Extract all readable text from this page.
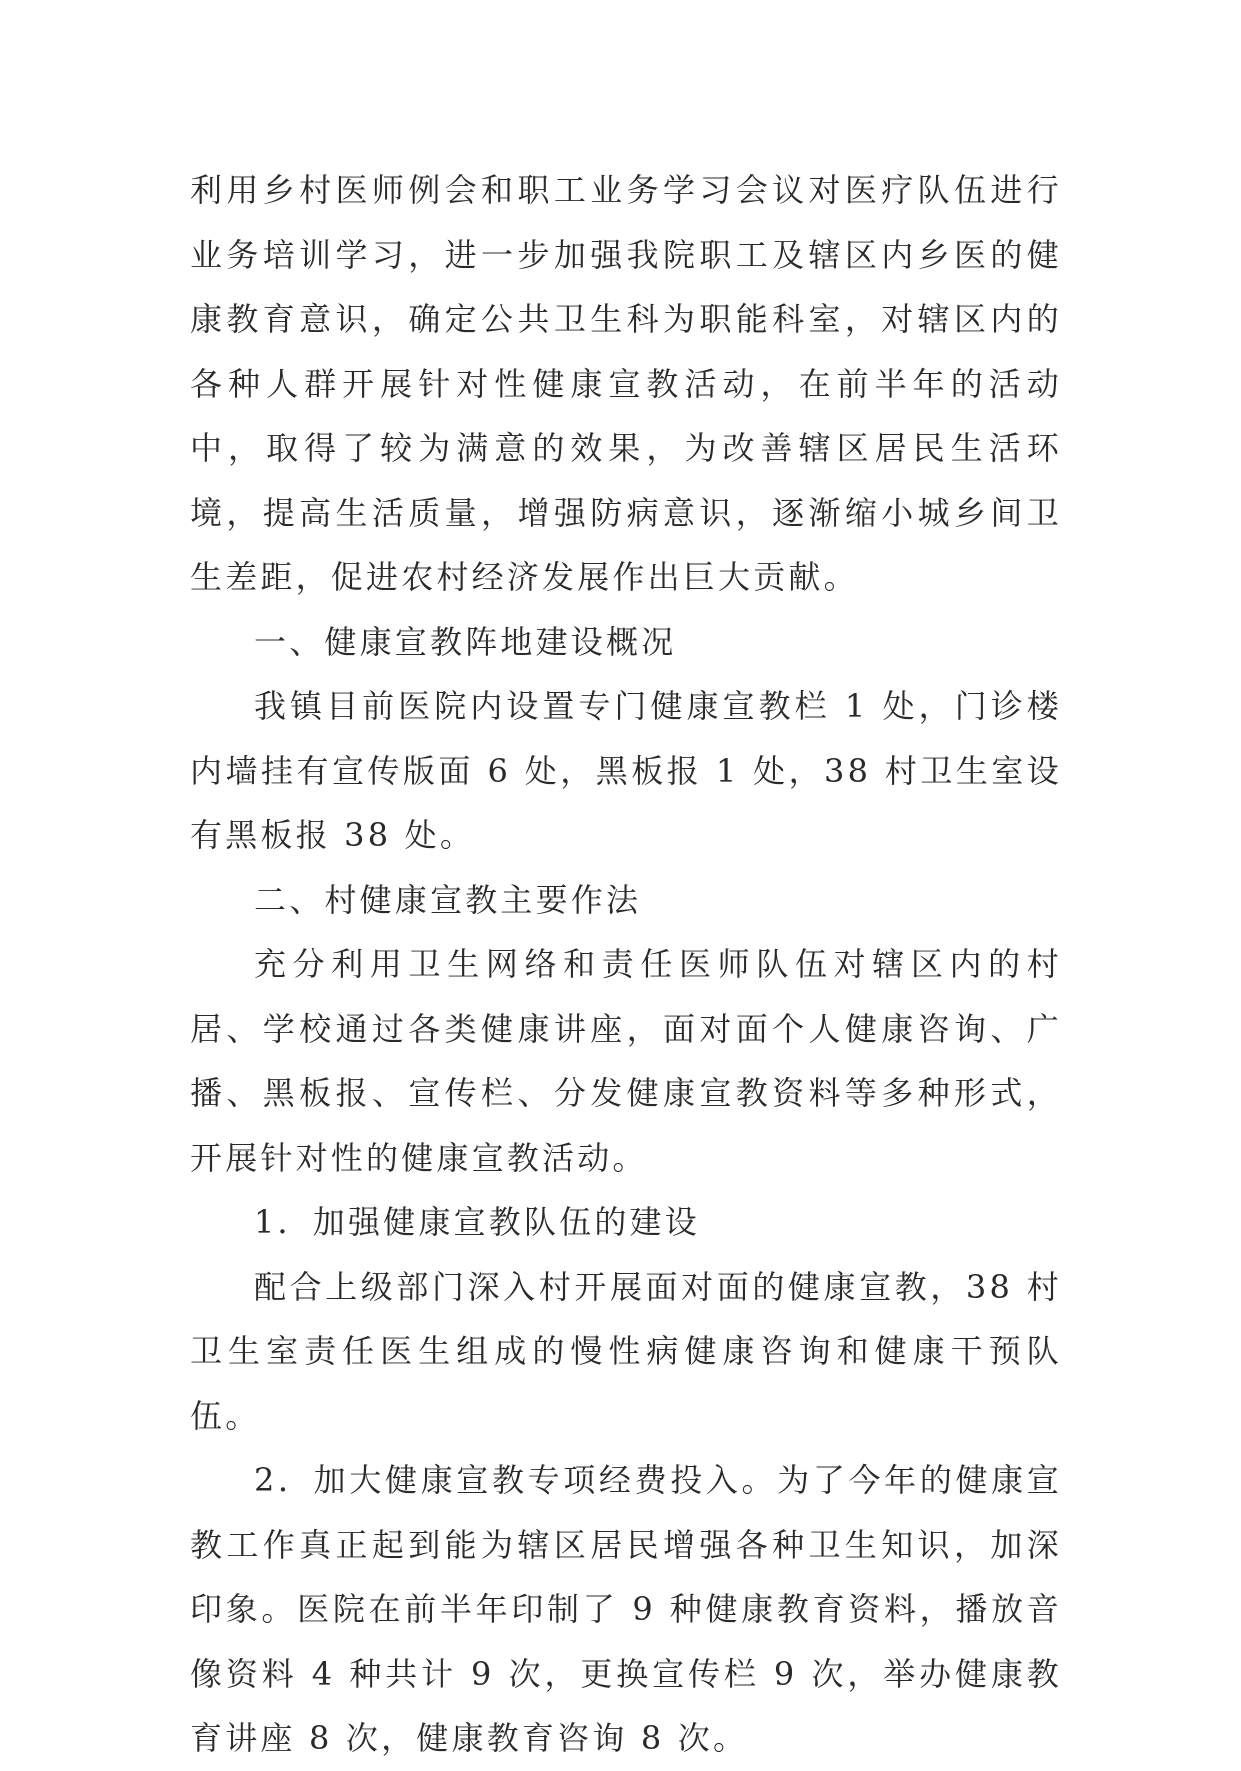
利用乡村医师例会和职工业务学习会议对医疗队伍进行业务培训学习，进一步加强我院职工及辖区内乡医的健康教育意识，确定公共卫生科为职能科室，对辖区内的各种人群开展针对性健康宣教活动，在前半年的活动中，取得了较为满意的效果，为改善辖区居民生活环境，提高生活质量，增强防病意识，逐渐缩小城乡间卫生差距，促进农村经济发展作出巨大贡献。

一、健康宣教阵地建设概况

我镇目前医院内设置专门健康宣教栏 1 处，门诊楼内墙挂有宣传版面 6 处，黑板报 1 处，38 村卫生室设有黑板报 38 处。

二、村健康宣教主要作法

充分利用卫生网络和责任医师队伍对辖区内的村居、学校通过各类健康讲座，面对面个人健康咨询、广播、黑板报、宣传栏、分发健康宣教资料等多种形式，开展针对性的健康宣教活动。

1．加强健康宣教队伍的建设

配合上级部门深入村开展面对面的健康宣教，38 村卫生室责任医生组成的慢性病健康咨询和健康干预队伍。

2．加大健康宣教专项经费投入。为了今年的健康宣教工作真正起到能为辖区居民增强各种卫生知识，加深印象。医院在前半年印制了 9 种健康教育资料，播放音像资料 4 种共计 9 次，更换宣传栏 9 次，举办健康教育讲座 8 次，健康教育咨询 8 次。
